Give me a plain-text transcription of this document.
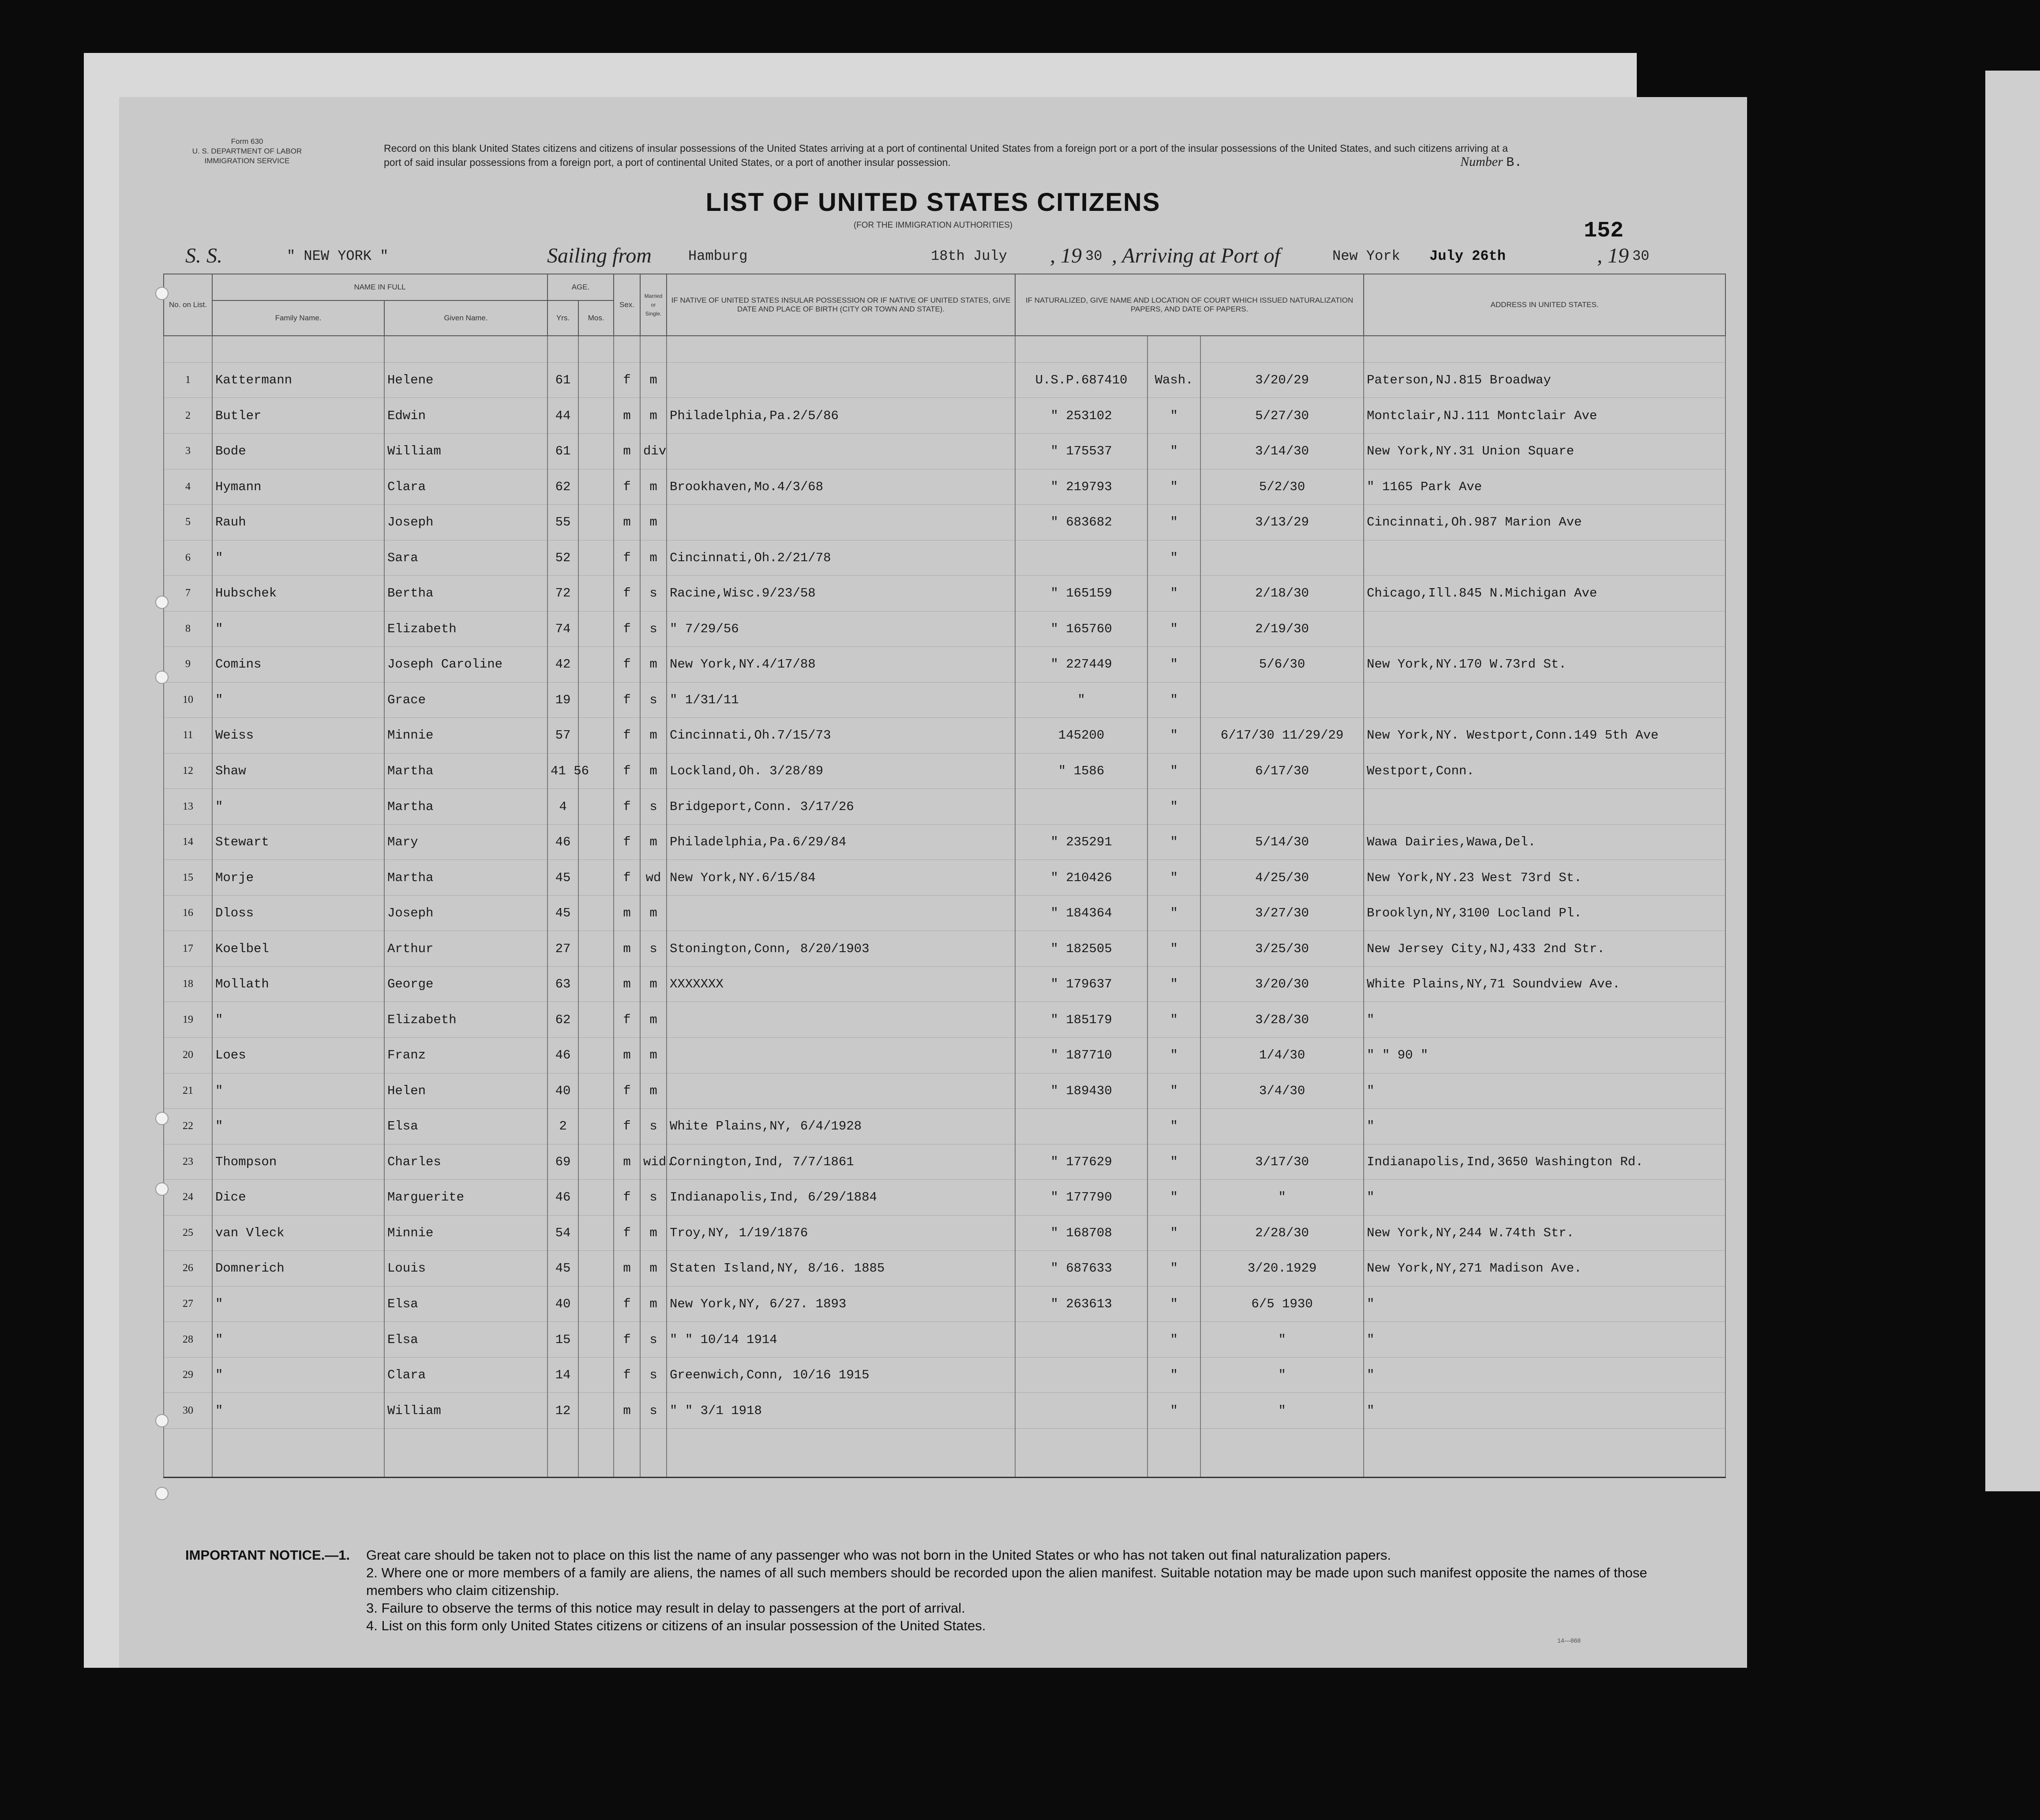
Form 630
U. S. DEPARTMENT OF LABOR
IMMIGRATION SERVICE
Record on this blank United States citizens and citizens of insular possessions of the United States arriving at a port of continental United States from a foreign port or a port of the insular possessions of the United States, and such citizens arriving at a port of said insular possessions from a foreign port, a port of continental United States, or a port of another insular possession.	Number B.
LIST OF UNITED STATES CITIZENS
(FOR THE IMMIGRATION AUTHORITIES)	152
S. S.	" NEW YORK "	Sailing from	Hamburg	18th July , 19 30 , Arriving at Port of	New York July 26th	, 19 30
No. on List.	NAME IN FULL		AGE.		Sex.	Married or Single.	IF NATIVE OF UNITED STATES INSULAR POSSESSION OR IF NATIVE OF UNITED STATES, GIVE DATE AND PLACE OF BIRTH (CITY OR TOWN AND STATE).	IF NATURALIZED, GIVE NAME AND LOCATION OF COURT WHICH ISSUED NATURALIZATION PAPERS, AND DATE OF PAPERS.			ADDRESS IN UNITED STATES.
	Family Name.	Given Name.	Yrs.	Mos.							

1	Kattermann	Helene	61		f	m		U.S.P.687410	Wash.	3/20/29	Paterson,NJ.815 Broadway
2	Butler	Edwin	44		m	m	Philadelphia,Pa.2/5/86	" 253102	"	5/27/30	Montclair,NJ.111 Montclair Ave
3	Bode	William	61		m	div		" 175537	"	3/14/30	New York,NY.31 Union Square
4	Hymann	Clara	62		f	m	Brookhaven,Mo.4/3/68	" 219793	"	5/2/30	" 1165 Park Ave
5	Rauh	Joseph	55		m	m		" 683682	"	3/13/29	Cincinnati,Oh.987 Marion Ave
6	"	Sara	52		f	m	Cincinnati,Oh.2/21/78		"		
7	Hubschek	Bertha	72		f	s	Racine,Wisc.9/23/58	" 165159	"	2/18/30	Chicago,Ill.845 N.Michigan Ave
8	"	Elizabeth	74		f	s	" 7/29/56	" 165760	"	2/19/30	
9	Comins	Joseph Caroline	42		f	m	New York,NY.4/17/88	" 227449	"	5/6/30	New York,NY.170 W.73rd St.
10	"	Grace	19		f	s	" 1/31/11	"	"		
11	Weiss	Minnie	57		f	m	Cincinnati,Oh.7/15/73	145200	"	6/17/30 11/29/29	New York,NY. Westport,Conn.149 5th Ave
12	Shaw	Martha	41 56		f	m	Lockland,Oh. 3/28/89	" 1586	"	6/17/30	Westport,Conn.
13	"	Martha	4		f	s	Bridgeport,Conn. 3/17/26		"		
14	Stewart	Mary	46		f	m	Philadelphia,Pa.6/29/84	" 235291	"	5/14/30	Wawa Dairies,Wawa,Del.
15	Morje	Martha	45		f	wd	New York,NY.6/15/84	" 210426	"	4/25/30	New York,NY.23 West 73rd St.
16	Dloss	Joseph	45		m	m		" 184364	"	3/27/30	Brooklyn,NY,3100 Locland Pl.
17	Koelbel	Arthur	27		m	s	Stonington,Conn, 8/20/1903	" 182505	"	3/25/30	New Jersey City,NJ,433 2nd Str.
18	Mollath	George	63		m	m	XXXXXXX	" 179637	"	3/20/30	White Plains,NY,71 Soundview Ave.
19	"	Elizabeth	62		f	m		" 185179	"	3/28/30	"
20	Loes	Franz	46		m	m		" 187710	"	1/4/30	" " 90 "
21	"	Helen	40		f	m		" 189430	"	3/4/30	"
22	"	Elsa	2		f	s	White Plains,NY, 6/4/1928		"		"
23	Thompson	Charles	69		m	wid.	Cornington,Ind, 7/7/1861	" 177629	"	3/17/30	Indianapolis,Ind,3650 Washington Rd.
24	Dice	Marguerite	46		f	s	Indianapolis,Ind, 6/29/1884	" 177790	"	"	"
25	van Vleck	Minnie	54		f	m	Troy,NY, 1/19/1876	" 168708	"	2/28/30	New York,NY,244 W.74th Str.
26	Domnerich	Louis	45		m	m	Staten Island,NY, 8/16. 1885	" 687633	"	3/20.1929	New York,NY,271 Madison Ave.
27	"	Elsa	40		f	m	New York,NY, 6/27. 1893	" 263613	"	6/5 1930	"
28	"	Elsa	15		f	s	" " 10/14 1914		"	"	"
29	"	Clara	14		f	s	Greenwich,Conn, 10/16 1915		"	"	"
30	"	William	12		m	s	" " 3/1 1918		"	"	"

IMPORTANT NOTICE.—1. Great care should be taken not to place on this list the name of any passenger who was not born in the United States or who has not taken out final naturalization papers.
2. Where one or more members of a family are aliens, the names of all such members should be recorded upon the alien manifest. Suitable notation may be made upon such manifest opposite the names of those members who claim citizenship.
3. Failure to observe the terms of this notice may result in delay to passengers at the port of arrival.
4. List on this form only United States citizens or citizens of an insular possession of the United States.
14—868
